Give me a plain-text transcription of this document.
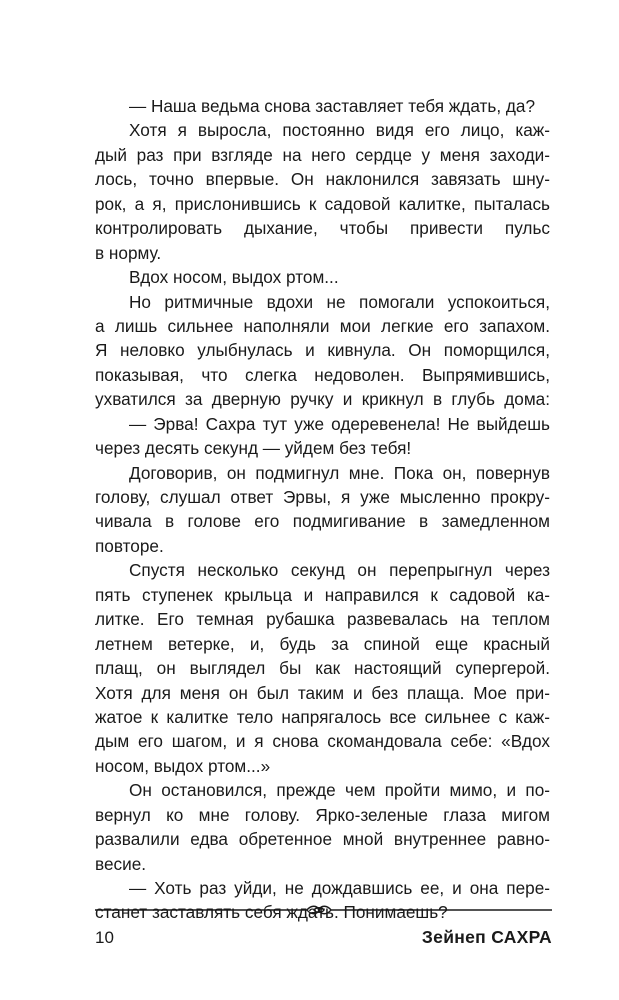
— Наша ведьма снова заставляет тебя ждать, да?
Хотя я выросла, постоянно видя его лицо, каж-
дый раз при взгляде на него сердце у меня заходи-
лось, точно впервые. Он наклонился завязать шну-
рок, а я, прислонившись к садовой калитке, пыталась
контролировать дыхание, чтобы привести пульс
в норму.
Вдох носом, выдох ртом...
Но ритмичные вдохи не помогали успокоиться,
а лишь сильнее наполняли мои легкие его запахом.
Я неловко улыбнулась и кивнула. Он поморщился,
показывая, что слегка недоволен. Выпрямившись,
ухватился за дверную ручку и крикнул в глубь дома:
— Эрва! Сахра тут уже одеревенела! Не выйдешь
через десять секунд — уйдем без тебя!
Договорив, он подмигнул мне. Пока он, повернув
голову, слушал ответ Эрвы, я уже мысленно прокру-
чивала в голове его подмигивание в замедленном
повторе.
Спустя несколько секунд он перепрыгнул через
пять ступенек крыльца и направился к садовой ка-
литке. Его темная рубашка развевалась на теплом
летнем ветерке, и, будь за спиной еще красный
плащ, он выглядел бы как настоящий супергерой.
Хотя для меня он был таким и без плаща. Мое при-
жатое к калитке тело напрягалось все сильнее с каж-
дым его шагом, и я снова скомандовала себе: «Вдох
носом, выдох ртом...»
Он остановился, прежде чем пройти мимо, и по-
вернул ко мне голову. Ярко-зеленые глаза мигом
развалили едва обретенное мной внутреннее равно-
весие.
— Хоть раз уйди, не дождавшись ее, и она пере-
станет заставлять себя ждать. Понимаешь?
10	Зейнеп САХРА
